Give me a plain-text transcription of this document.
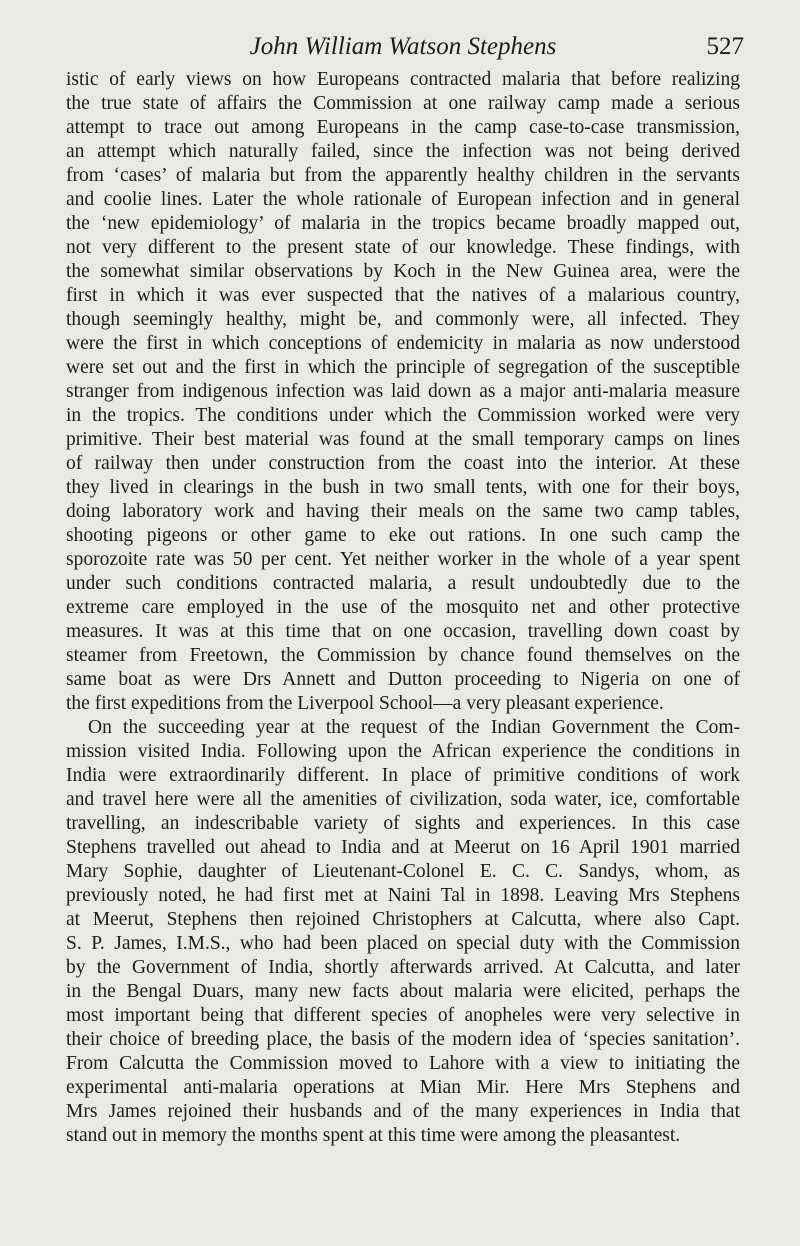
John William Watson Stephens	527
istic of early views on how Europeans contracted malaria that before realizing
the true state of affairs the Commission at one railway camp made a serious
attempt to trace out among Europeans in the camp case-to-case transmission,
an attempt which naturally failed, since the infection was not being derived
from ‘cases’ of malaria but from the apparently healthy children in the servants
and coolie lines. Later the whole rationale of European infection and in general
the ‘new epidemiology’ of malaria in the tropics became broadly mapped out,
not very different to the present state of our knowledge. These findings, with
the somewhat similar observations by Koch in the New Guinea area, were the
first in which it was ever suspected that the natives of a malarious country,
though seemingly healthy, might be, and commonly were, all infected. They
were the first in which conceptions of endemicity in malaria as now understood
were set out and the first in which the principle of segregation of the susceptible
stranger from indigenous infection was laid down as a major anti-malaria measure
in the tropics. The conditions under which the Commission worked were very
primitive. Their best material was found at the small temporary camps on lines
of railway then under construction from the coast into the interior. At these
they lived in clearings in the bush in two small tents, with one for their boys,
doing laboratory work and having their meals on the same two camp tables,
shooting pigeons or other game to eke out rations. In one such camp the
sporozoite rate was 50 per cent. Yet neither worker in the whole of a year spent
under such conditions contracted malaria, a result undoubtedly due to the
extreme care employed in the use of the mosquito net and other protective
measures. It was at this time that on one occasion, travelling down coast by
steamer from Freetown, the Commission by chance found themselves on the
same boat as were Drs Annett and Dutton proceeding to Nigeria on one of
the first expeditions from the Liverpool School—a very pleasant experience.
On the succeeding year at the request of the Indian Government the Com-
mission visited India. Following upon the African experience the conditions in
India were extraordinarily different. In place of primitive conditions of work
and travel here were all the amenities of civilization, soda water, ice, comfortable
travelling, an indescribable variety of sights and experiences. In this case
Stephens travelled out ahead to India and at Meerut on 16 April 1901 married
Mary Sophie, daughter of Lieutenant-Colonel E. C. C. Sandys, whom, as
previously noted, he had first met at Naini Tal in 1898. Leaving Mrs Stephens
at Meerut, Stephens then rejoined Christophers at Calcutta, where also Capt.
S. P. James, I.M.S., who had been placed on special duty with the Commission
by the Government of India, shortly afterwards arrived. At Calcutta, and later
in the Bengal Duars, many new facts about malaria were elicited, perhaps the
most important being that different species of anopheles were very selective in
their choice of breeding place, the basis of the modern idea of ‘species sanitation’.
From Calcutta the Commission moved to Lahore with a view to initiating the
experimental anti-malaria operations at Mian Mir. Here Mrs Stephens and
Mrs James rejoined their husbands and of the many experiences in India that
stand out in memory the months spent at this time were among the pleasantest.
